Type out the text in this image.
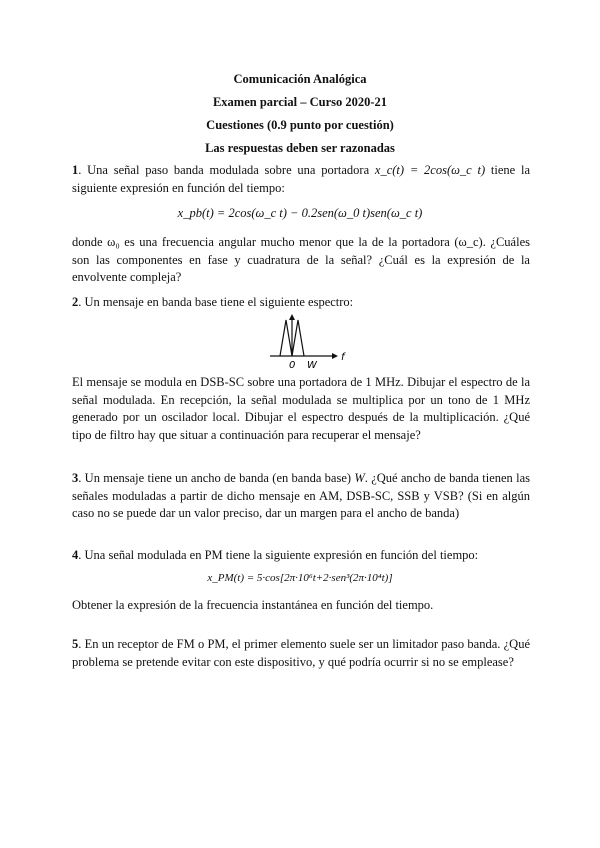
Comunicación Analógica
Examen parcial – Curso 2020-21
Cuestiones (0.9 punto por cuestión)
Las respuestas deben ser razonadas
1. Una señal paso banda modulada sobre una portadora x_c(t) = 2cos(ω_c t) tiene la siguiente expresión en función del tiempo:
x_pb(t) = 2cos(ω_c t) − 0.2sen(ω_0 t)sen(ω_c t)
donde ω₀ es una frecuencia angular mucho menor que la de la portadora (ω_c). ¿Cuáles son las componentes en fase y cuadratura de la señal? ¿Cuál es la expresión de la envolvente compleja?
2. Un mensaje en banda base tiene el siguiente espectro:
0 W
f
El mensaje se modula en DSB-SC sobre una portadora de 1 MHz. Dibujar el espectro de la señal modulada. En recepción, la señal modulada se multiplica por un tono de 1 MHz generado por un oscilador local. Dibujar el espectro después de la multiplicación. ¿Qué tipo de filtro hay que situar a continuación para recuperar el mensaje?
3. Un mensaje tiene un ancho de banda (en banda base) W. ¿Qué ancho de banda tienen las señales moduladas a partir de dicho mensaje en AM, DSB-SC, SSB y VSB? (Si en algún caso no se puede dar un valor preciso, dar un margen para el ancho de banda)
4. Una señal modulada en PM tiene la siguiente expresión en función del tiempo:
x_PM(t) = 5·cos[2π·10⁶t+2·sen³(2π·10⁴t)]
Obtener la expresión de la frecuencia instantánea en función del tiempo.
5. En un receptor de FM o PM, el primer elemento suele ser un limitador paso banda. ¿Qué problema se pretende evitar con este dispositivo, y qué podría ocurrir si no se emplease?
